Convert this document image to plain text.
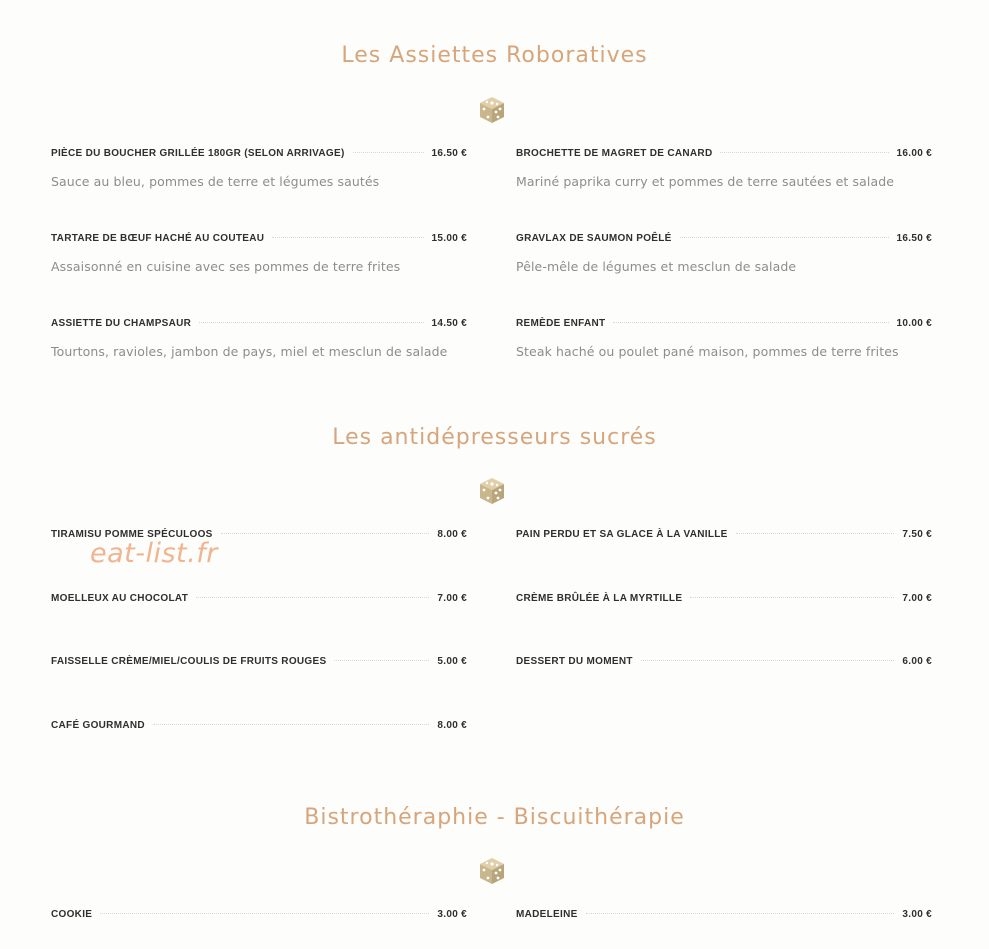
Les Assiettes Roboratives
PIÈCE DU BOUCHER GRILLÉE 180GR (SELON ARRIVAGE)	16.50 €
Sauce au bleu, pommes de terre et légumes sautés
BROCHETTE DE MAGRET DE CANARD	16.00 €
Mariné paprika curry et pommes de terre sautées et salade
TARTARE DE BŒUF HACHÉ AU COUTEAU	15.00 €
Assaisonné en cuisine avec ses pommes de terre frites
GRAVLAX DE SAUMON POÊLÉ	16.50 €
Pêle-mêle de légumes et mesclun de salade
ASSIETTE DU CHAMPSAUR	14.50 €
Tourtons, ravioles, jambon de pays, miel et mesclun de salade
REMÈDE ENFANT	10.00 €
Steak haché ou poulet pané maison, pommes de terre frites
Les antidépresseurs sucrés
TIRAMISU POMME SPÉCULOOS	8.00 €	PAIN PERDU ET SA GLACE À LA VANILLE	7.50 €
MOELLEUX AU CHOCOLAT	7.00 €	CRÈME BRÛLÉE À LA MYRTILLE	7.00 €
FAISSELLE CRÈME/MIEL/COULIS DE FRUITS ROUGES	5.00 €	DESSERT DU MOMENT	6.00 €
CAFÉ GOURMAND	8.00 €
Bistrothéraphie - Biscuithérapie
COOKIE	3.00 €	MADELEINE	3.00 €
eat-list.fr
